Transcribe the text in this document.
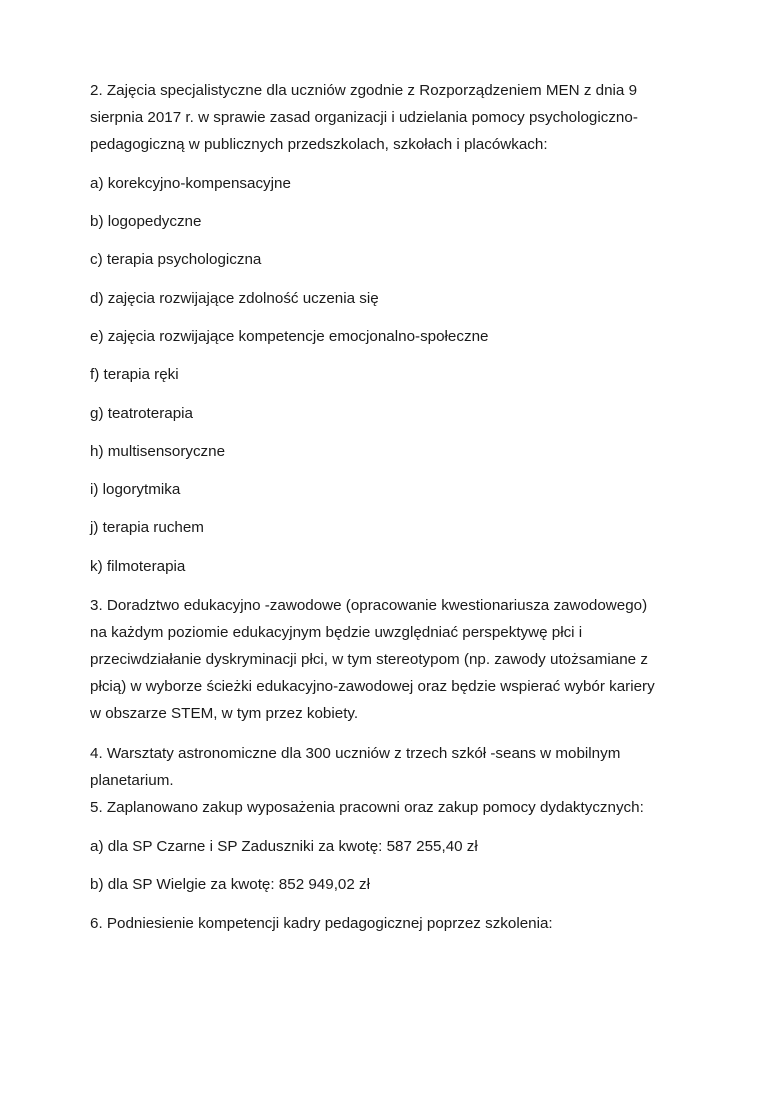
2. Zajęcia specjalistyczne dla uczniów zgodnie z Rozporządzeniem MEN z dnia 9
sierpnia 2017 r. w sprawie zasad organizacji i udzielania pomocy psychologiczno-
pedagogiczną w publicznych przedszkolach, szkołach i placówkach:
a) korekcyjno-kompensacyjne
b) logopedyczne
c) terapia psychologiczna
d) zajęcia rozwijające zdolność uczenia się
e) zajęcia rozwijające kompetencje emocjonalno-społeczne
f) terapia ręki
g) teatroterapia
h) multisensoryczne
i) logorytmika
j) terapia ruchem
k) filmoterapia
3. Doradztwo edukacyjno -zawodowe (opracowanie kwestionariusza zawodowego)
na każdym poziomie edukacyjnym będzie uwzględniać perspektywę płci i
przeciwdziałanie dyskryminacji płci, w tym stereotypom (np. zawody utożsamiane z
płcią) w wyborze ścieżki edukacyjno-zawodowej oraz będzie wspierać wybór kariery
w obszarze STEM, w tym przez kobiety.
4. Warsztaty astronomiczne dla 300 uczniów z trzech szkół -seans w mobilnym
planetarium.
5. Zaplanowano zakup wyposażenia pracowni oraz zakup pomocy dydaktycznych:
a) dla SP Czarne i SP Zaduszniki za kwotę: 587 255,40 zł
b) dla SP Wielgie za kwotę: 852 949,02 zł
6. Podniesienie kompetencji kadry pedagogicznej poprzez szkolenia:
